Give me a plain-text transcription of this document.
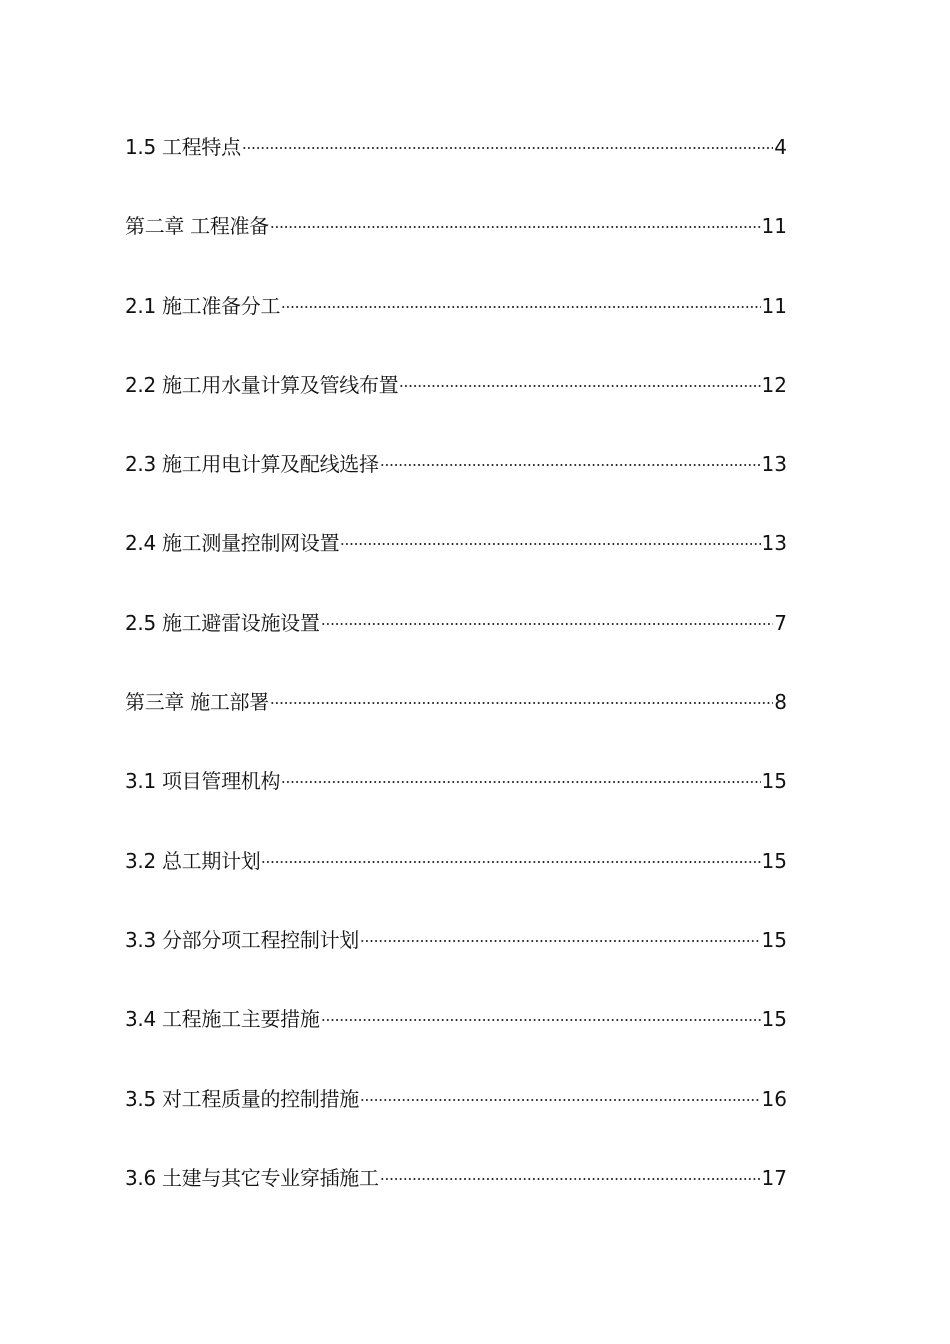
1.5 工程特点	4
第二章 工程准备	11
2.1 施工准备分工	11
2.2 施工用水量计算及管线布置	12
2.3 施工用电计算及配线选择	13
2.4 施工测量控制网设置	13
2.5 施工避雷设施设置	7
第三章 施工部署	8
3.1 项目管理机构	15
3.2 总工期计划	15
3.3 分部分项工程控制计划	15
3.4 工程施工主要措施	15
3.5 对工程质量的控制措施	16
3.6 土建与其它专业穿插施工	17
